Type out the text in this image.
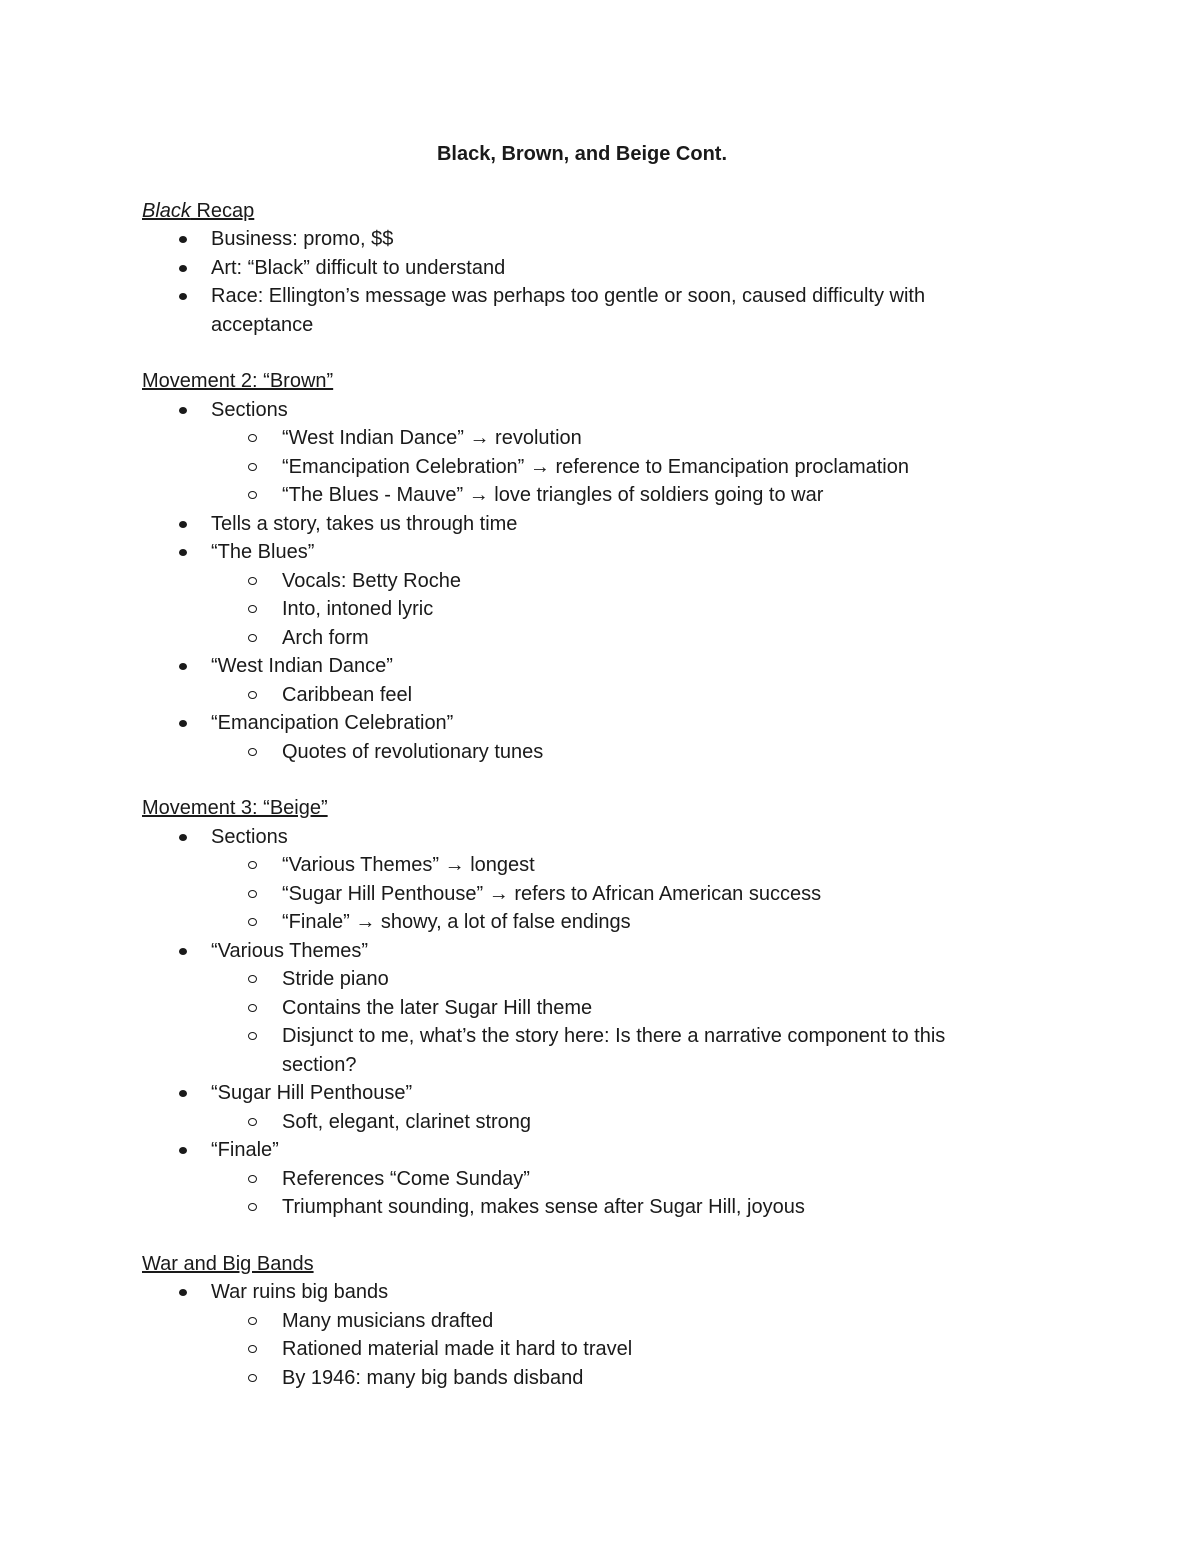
Black, Brown, and Beige Cont.
Black Recap
Business: promo, $$
Art: “Black” difficult to understand
Race: Ellington’s message was perhaps too gentle or soon, caused difficulty with acceptance
Movement 2: “Brown”
Sections
“West Indian Dance” → revolution
“Emancipation Celebration” → reference to Emancipation proclamation
“The Blues - Mauve” → love triangles of soldiers going to war
Tells a story, takes us through time
“The Blues”
Vocals: Betty Roche
Into, intoned lyric
Arch form
“West Indian Dance”
Caribbean feel
“Emancipation Celebration”
Quotes of revolutionary tunes
Movement 3: “Beige”
Sections
“Various Themes” → longest
“Sugar Hill Penthouse” → refers to African American success
“Finale” → showy, a lot of false endings
“Various Themes”
Stride piano
Contains the later Sugar Hill theme
Disjunct to me, what’s the story here: Is there a narrative component to this section?
“Sugar Hill Penthouse”
Soft, elegant, clarinet strong
“Finale”
References “Come Sunday”
Triumphant sounding, makes sense after Sugar Hill, joyous
War and Big Bands
War ruins big bands
Many musicians drafted
Rationed material made it hard to travel
By 1946: many big bands disband
